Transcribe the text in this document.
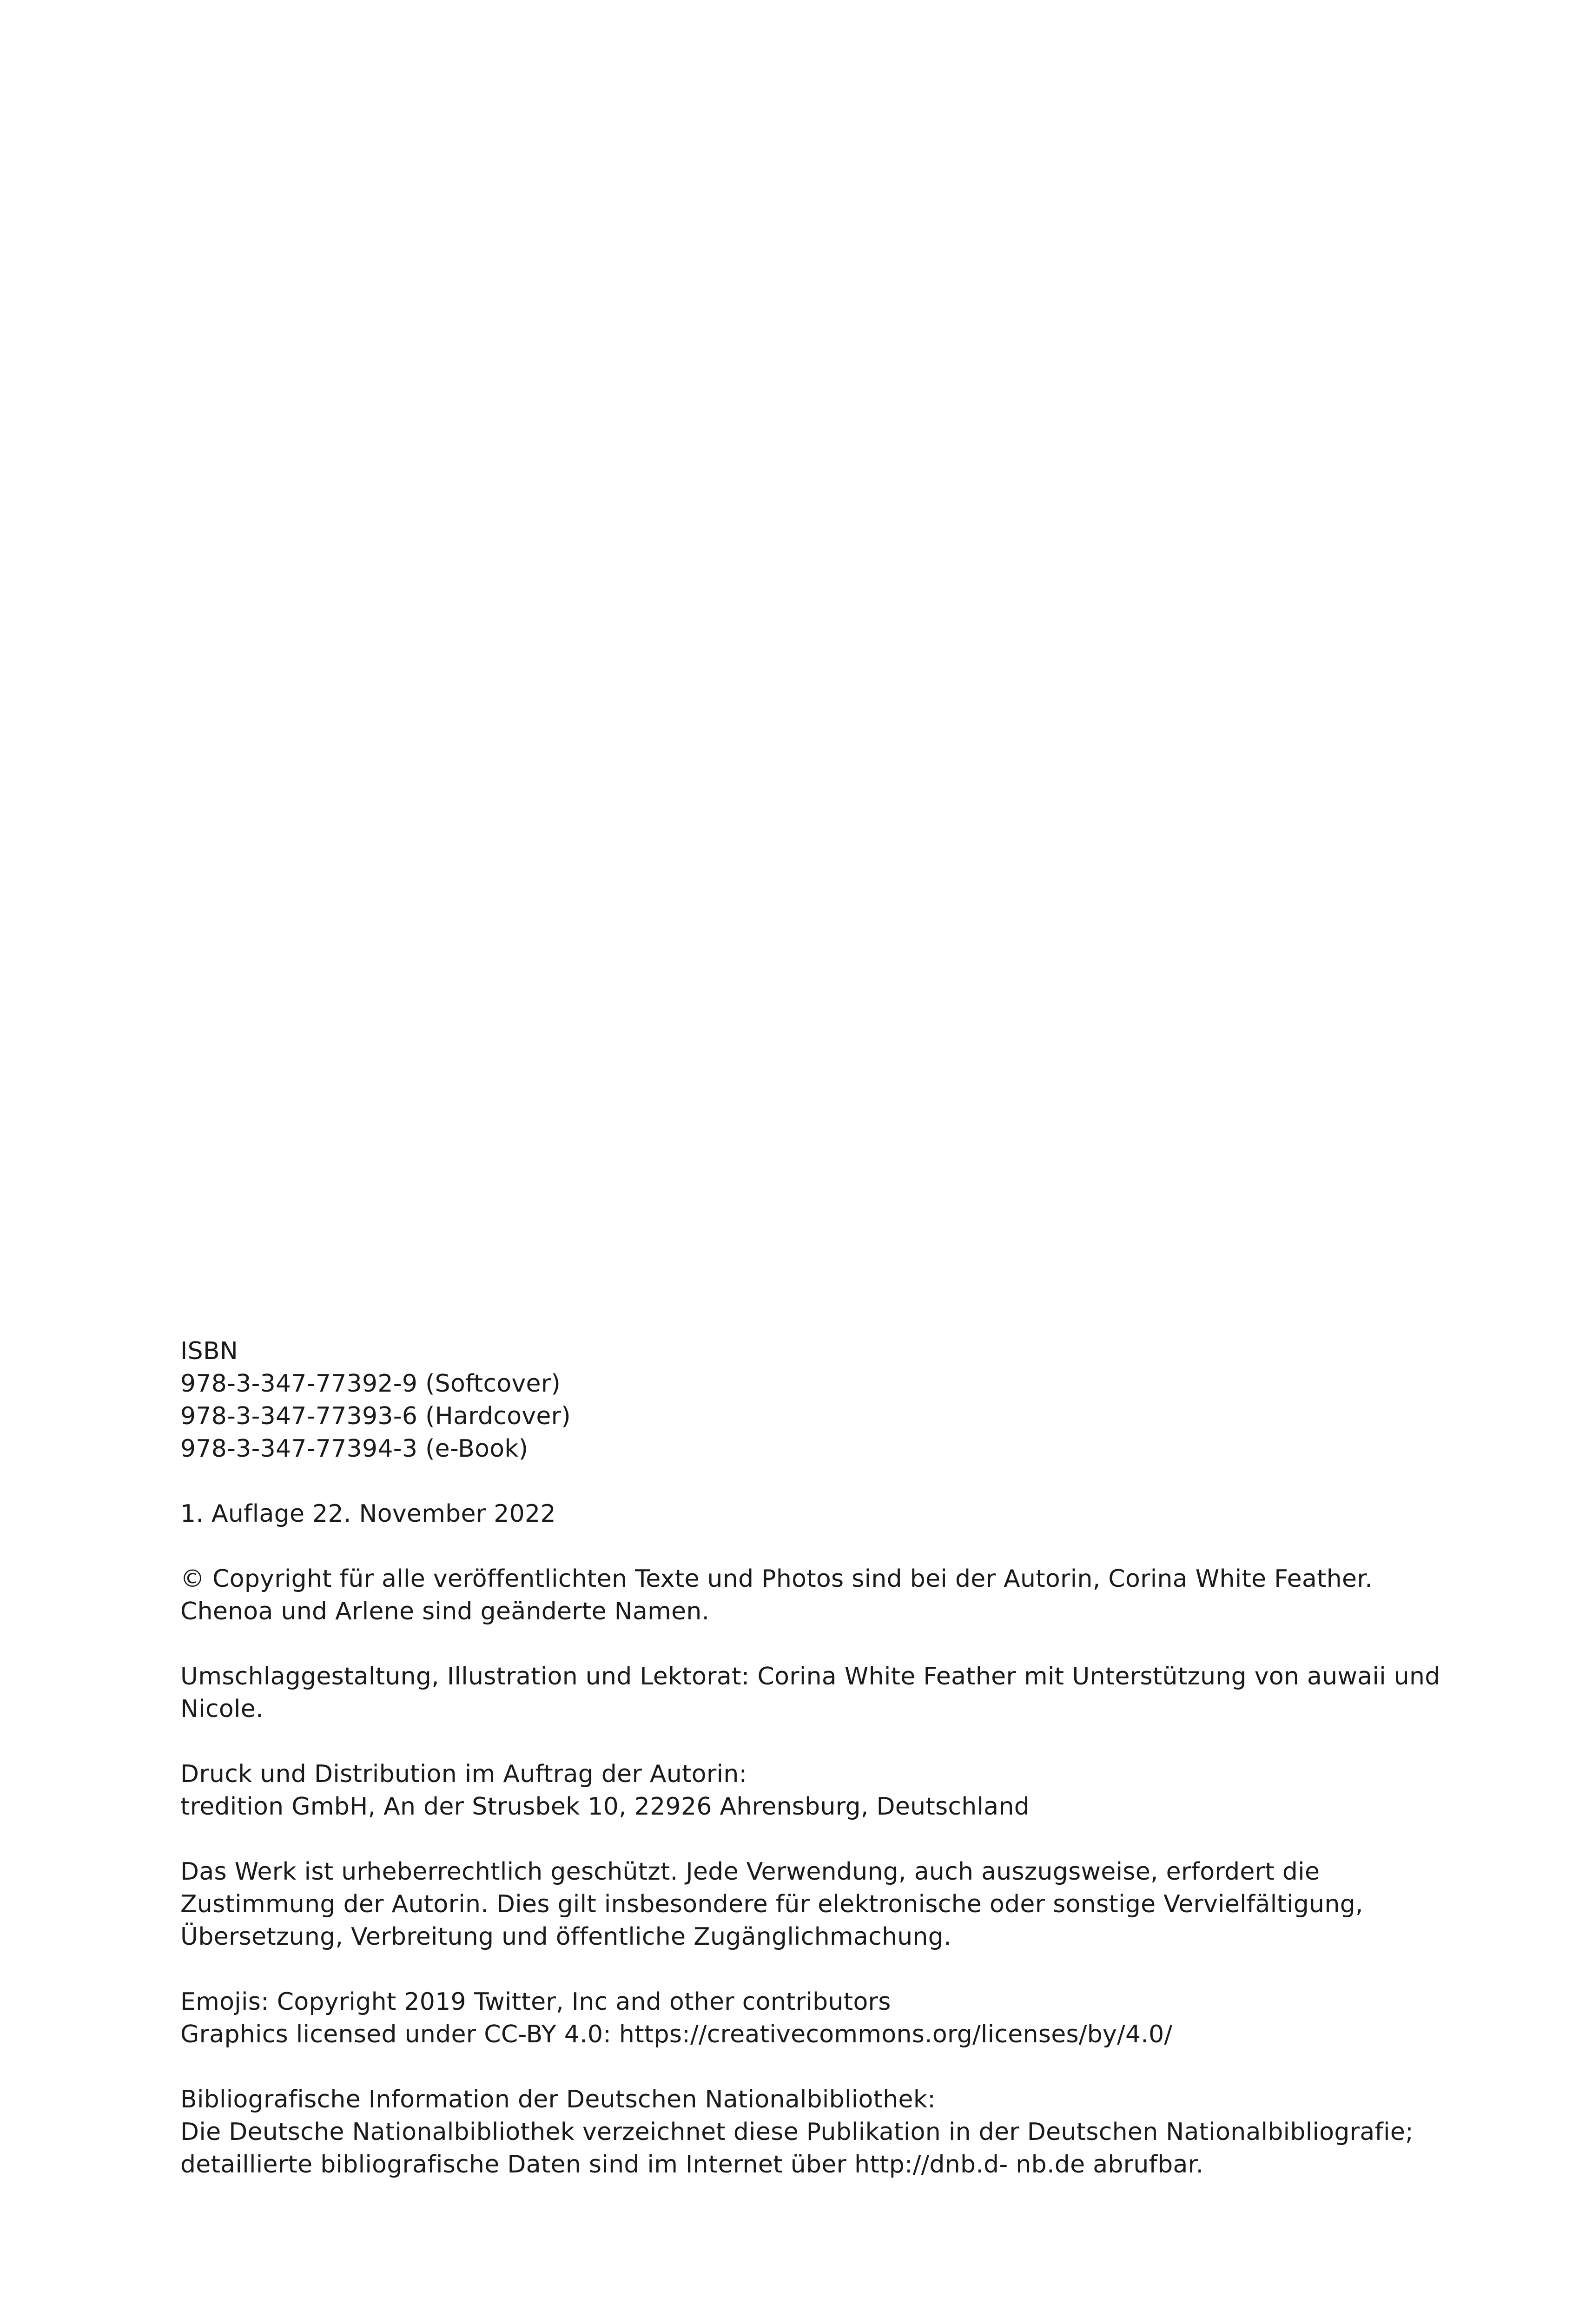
ISBN
978-3-347-77392-9 (Softcover)
978-3-347-77393-6 (Hardcover)
978-3-347-77394-3 (e-Book)
1. Auflage 22. November 2022
© Copyright für alle veröffentlichten Texte und Photos sind bei der Autorin, Corina White Feather.
Chenoa und Arlene sind geänderte Namen.
Umschlaggestaltung, Illustration und Lektorat: Corina White Feather mit Unterstützung von auwaii und
Nicole.
Druck und Distribution im Auftrag der Autorin:
tredition GmbH, An der Strusbek 10, 22926 Ahrensburg, Deutschland
Das Werk ist urheberrechtlich geschützt. Jede Verwendung, auch auszugsweise, erfordert die
Zustimmung der Autorin. Dies gilt insbesondere für elektronische oder sonstige Vervielfältigung,
Übersetzung, Verbreitung und öffentliche Zugänglichmachung.
Emojis: Copyright 2019 Twitter, Inc and other contributors
Graphics licensed under CC-BY 4.0: https://creativecommons.org/licenses/by/4.0/
Bibliografische Information der Deutschen Nationalbibliothek:
Die Deutsche Nationalbibliothek verzeichnet diese Publikation in der Deutschen Nationalbibliografie;
detaillierte bibliografische Daten sind im Internet über http://dnb.d- nb.de abrufbar.
